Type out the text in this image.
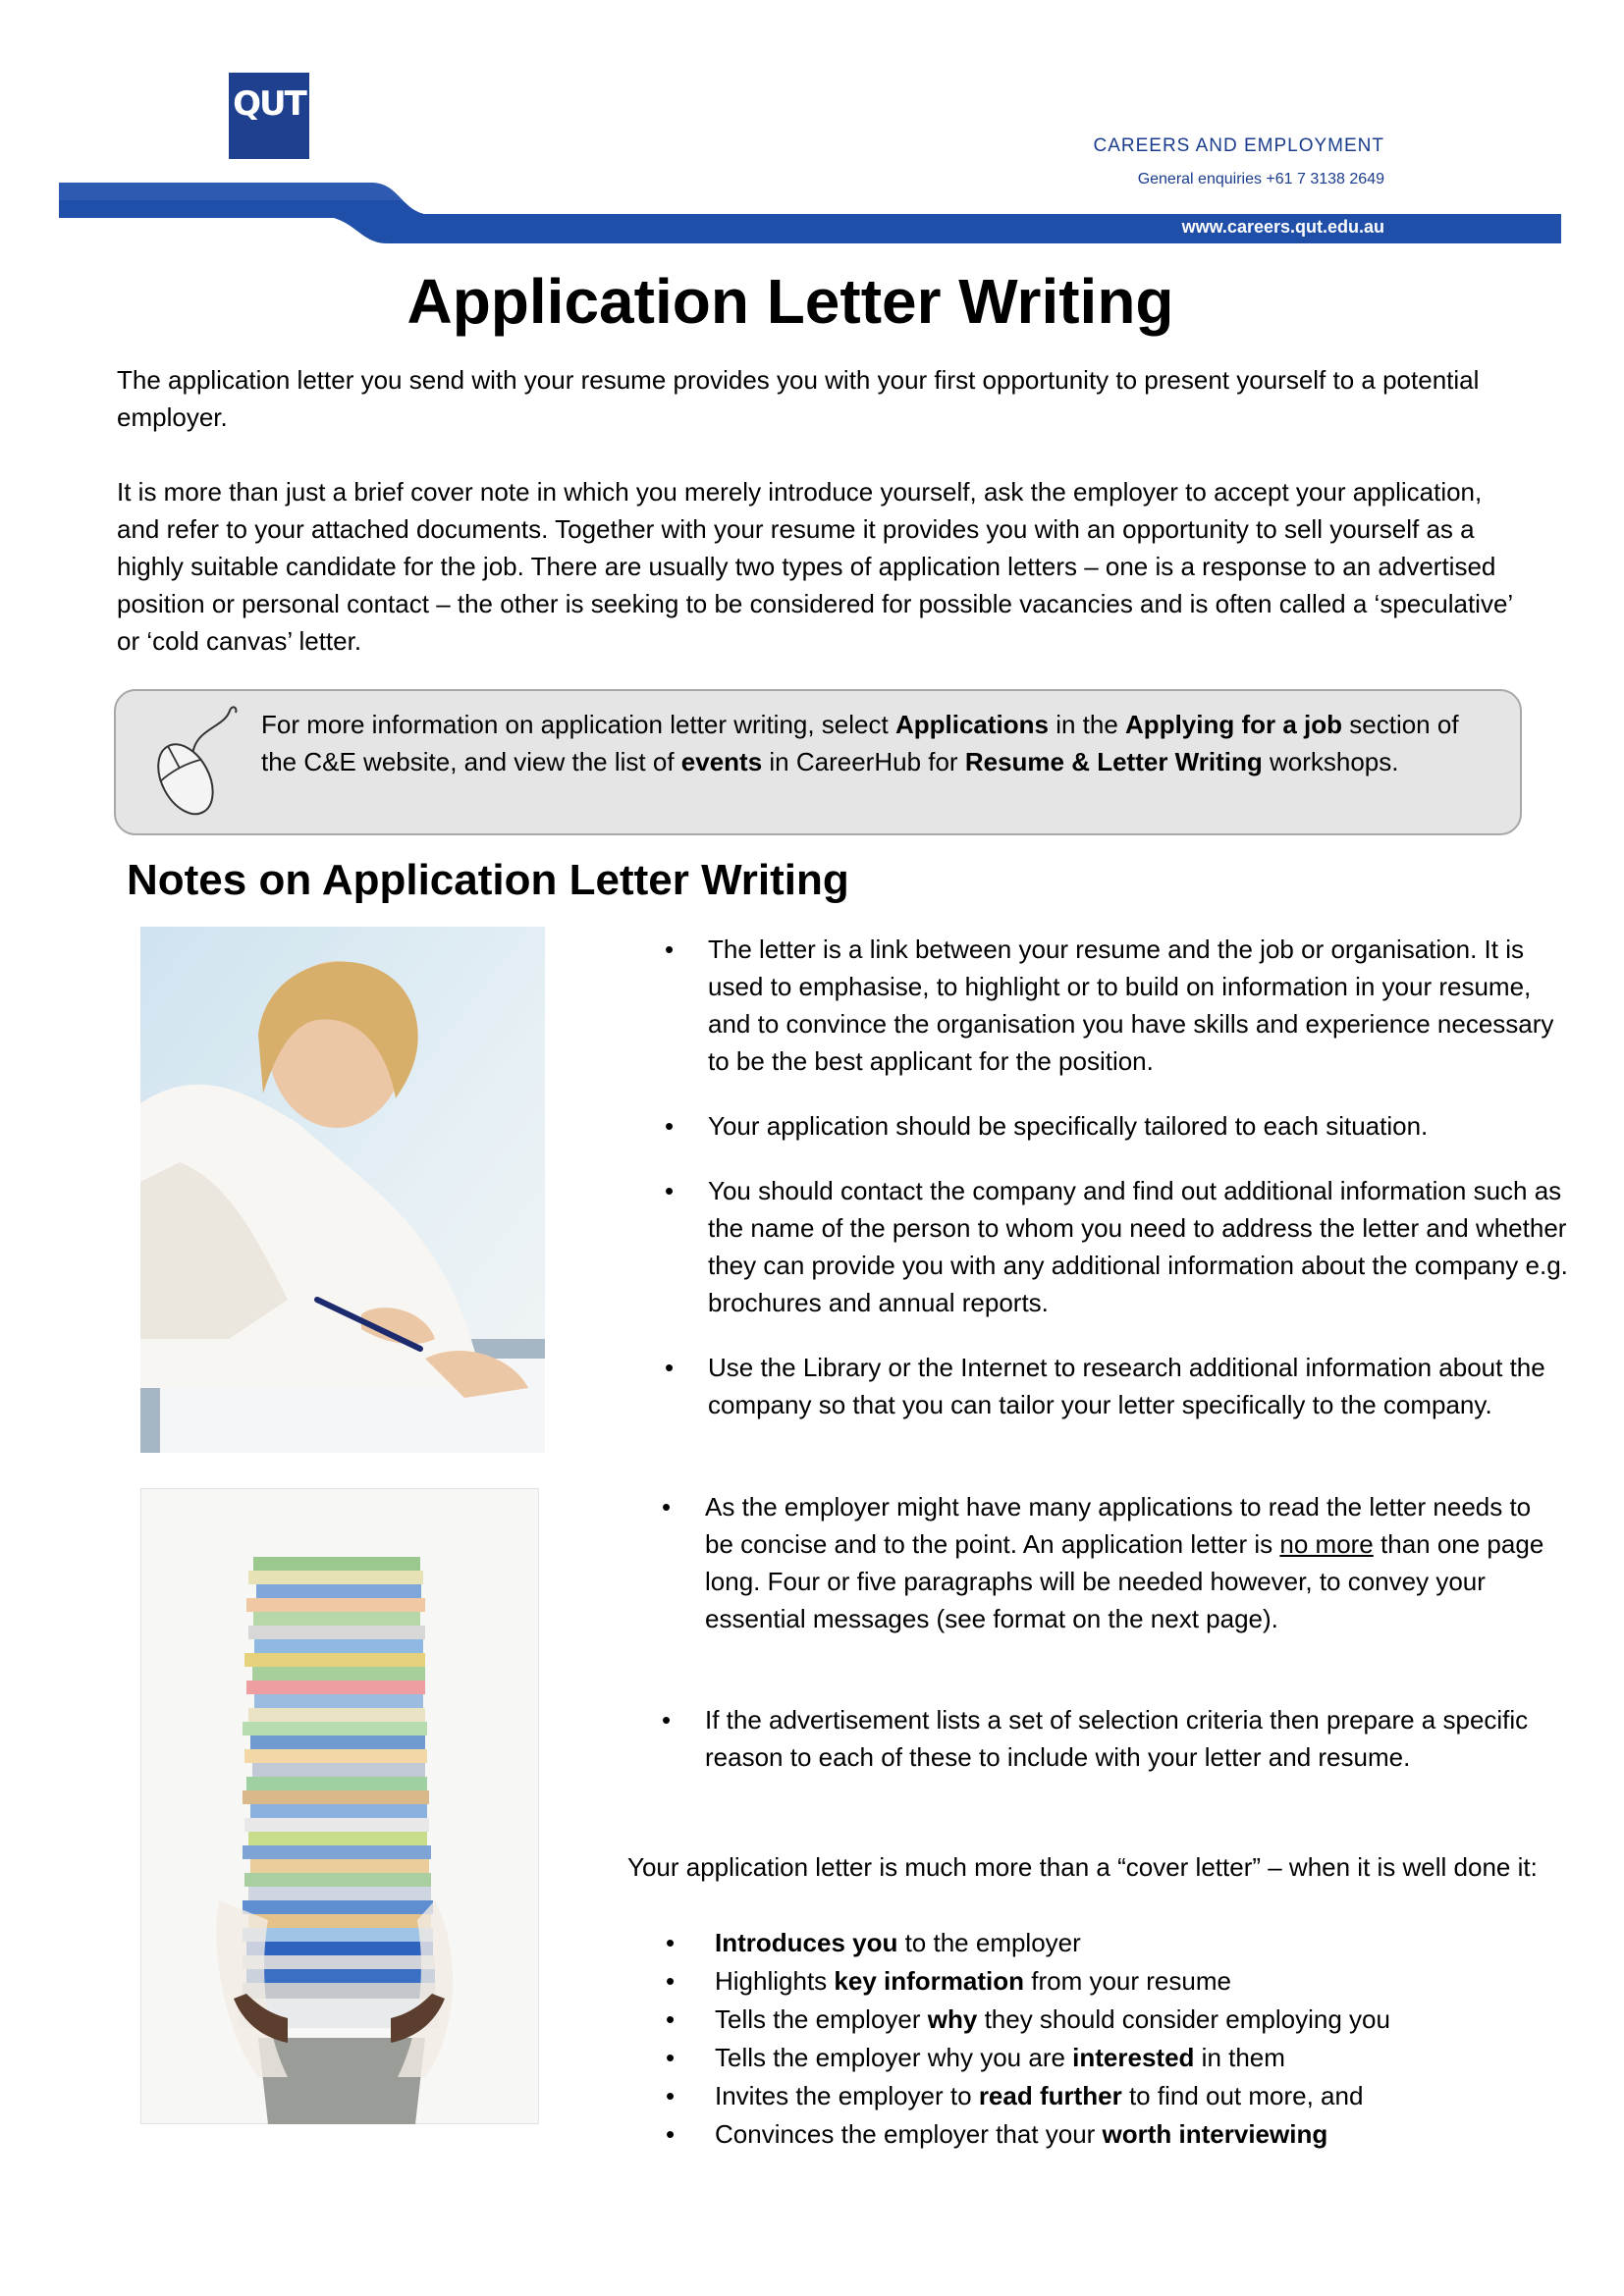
QUT
CAREERS AND EMPLOYMENT
General enquiries +61 7 3138 2649
www.careers.qut.edu.au
Application Letter Writing
The application letter you send with your resume provides you with your first opportunity to present yourself to a potential employer.
It is more than just a brief cover note in which you merely introduce yourself, ask the employer to accept your application, and refer to your attached documents. Together with your resume it provides you with an opportunity to sell yourself as a highly suitable candidate for the job. There are usually two types of application letters – one is a response to an advertised position or personal contact – the other is seeking to be considered for possible vacancies and is often called a ‘speculative’ or ‘cold canvas’ letter.
For more information on application letter writing, select Applications in the Applying for a job section of the C&E website, and view the list of events in CareerHub for Resume & Letter Writing workshops.
Notes on Application Letter Writing
• The letter is a link between your resume and the job or organisation. It is used to emphasise, to highlight or to build on information in your resume, and to convince the organisation you have skills and experience necessary to be the best applicant for the position.
• Your application should be specifically tailored to each situation.
• You should contact the company and find out additional information such as the name of the person to whom you need to address the letter and whether they can provide you with any additional information about the company e.g. brochures and annual reports.
• Use the Library or the Internet to research additional information about the company so that you can tailor your letter specifically to the company.
• As the employer might have many applications to read the letter needs to be concise and to the point. An application letter is no more than one page long. Four or five paragraphs will be needed however, to convey your essential messages (see format on the next page).
• If the advertisement lists a set of selection criteria then prepare a specific reason to each of these to include with your letter and resume.
Your application letter is much more than a “cover letter” – when it is well done it:
• Introduces you to the employer
• Highlights key information from your resume
• Tells the employer why they should consider employing you
• Tells the employer why you are interested in them
• Invites the employer to read further to find out more, and
• Convinces the employer that your worth interviewing
